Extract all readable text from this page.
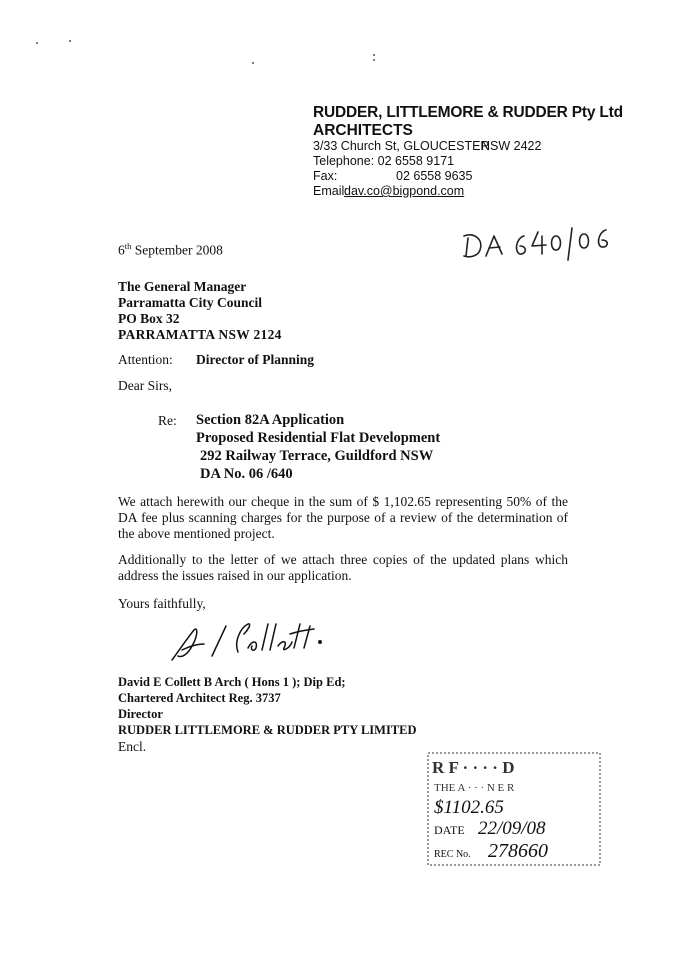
RUDDER, LITTLEMORE & RUDDER Pty Ltd
ARCHITECTS
3/33 Church St, GLOUCESTER
NSW 2422
Telephone: 02 6558 9171
Fax:	02 6558 9635
Email:
dav.co@bigpond.com
6th September 2008
The General Manager
Parramatta City Council
PO Box 32
PARRAMATTA NSW 2124
Attention: Director of Planning
Dear Sirs,
Re: Section 82A Application
Proposed Residential Flat Development
292 Railway Terrace, Guildford NSW
DA No. 06 /640
We attach herewith our cheque in the sum of $ 1,102.65 representing 50% of the DA fee plus scanning charges for the purpose of a review of the determination of the above mentioned project.
Additionally to the letter of we attach three copies of the updated plans which address the issues raised in our application.
Yours faithfully,
David E Collett B Arch ( Hons 1 ); Dip Ed;
Chartered Architect Reg. 3737
Director
RUDDER LITTLEMORE & RUDDER PTY LIMITED
Encl.
R F · · · · D
THE A · · · N E R
$1102.65
DATE 22/09/08
REC No. 278660
